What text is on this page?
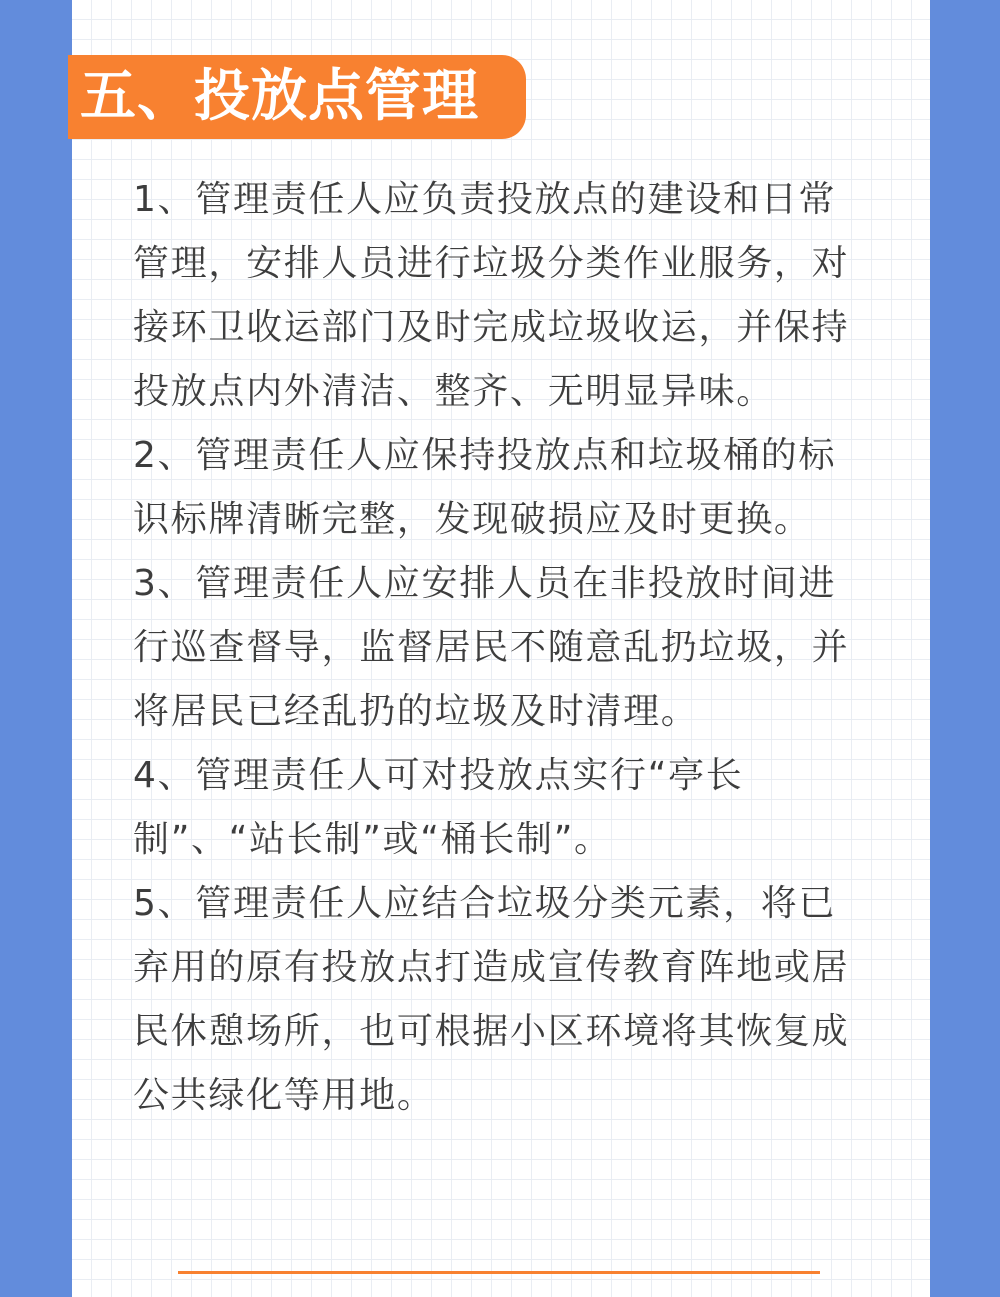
五、投放点管理

1、管理责任人应负责投放点的建设和日常管理，安排人员进行垃圾分类作业服务，对接环卫收运部门及时完成垃圾收运，并保持投放点内外清洁、整齐、无明显异味。

2、管理责任人应保持投放点和垃圾桶的标识标牌清晰完整，发现破损应及时更换。

3、管理责任人应安排人员在非投放时间进行巡查督导，监督居民不随意乱扔垃圾，并将居民已经乱扔的垃圾及时清理。

4、管理责任人可对投放点实行“亭长制”、“站长制”或“桶长制”。

5、管理责任人应结合垃圾分类元素，将已弃用的原有投放点打造成宣传教育阵地或居民休憩场所，也可根据小区环境将其恢复成公共绿化等用地。
